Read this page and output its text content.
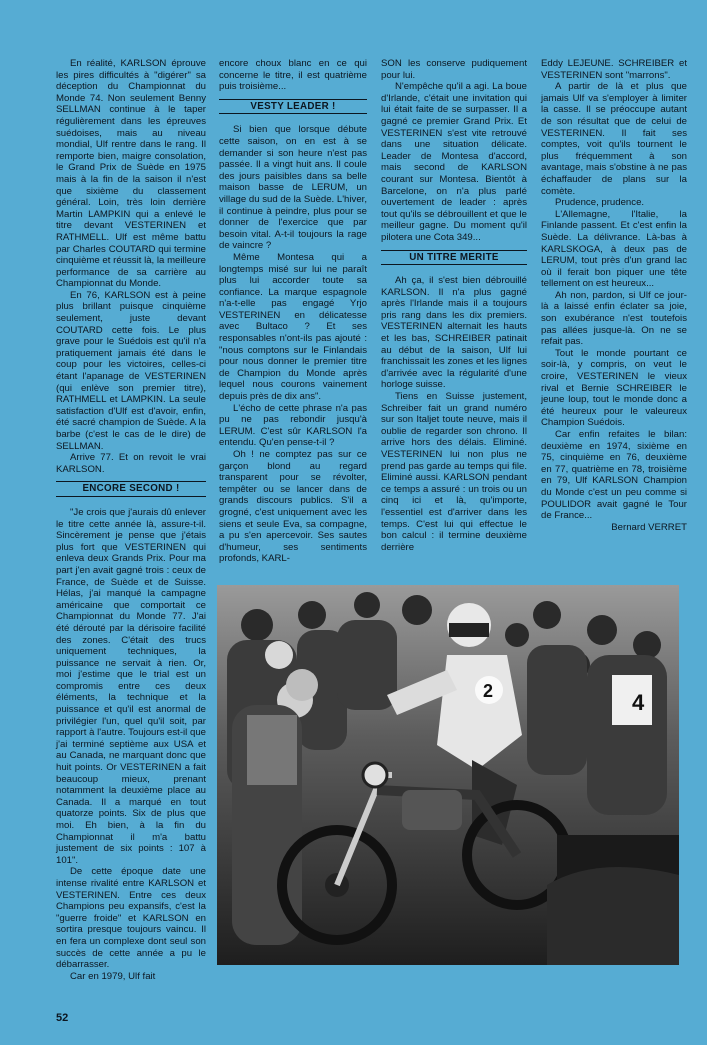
En réalité, KARLSON éprouve les pires difficultés à "digérer" sa déception du Championnat du Monde 74. Non seulement Benny SELLMAN continue à le taper régulièrement dans les épreuves suédoises, mais au niveau mondial, Ulf rentre dans le rang. Il remporte bien, maigre consolation, le Grand Prix de Suède en 1975 mais à la fin de la saison il n'est que sixième du classement général. Loin, très loin derrière Martin LAMPKIN qui a enlevé le titre devant VESTERINEN et RATHMELL. Ulf est même battu par Charles COUTARD qui termine cinquième et réussit là, la meilleure performance de sa carrière au Championnat du Monde.

En 76, KARLSON est à peine plus brillant puisque cinquième seulement, juste devant COUTARD cette fois. Le plus grave pour le Suédois est qu'il n'a pratiquement jamais été dans le coup pour les victoires, celles-ci étant l'apanage de VESTERINEN (qui enlève son premier titre), RATHMELL et LAMPKIN. La seule satisfaction d'Ulf est d'avoir, enfin, été sacré champion de Suède. A la barbe (c'est le cas de le dire) de SELLMAN.

Arrive 77. Et on revoit le vrai KARLSON.

ENCORE SECOND !

"Je crois que j'aurais dû enlever le titre cette année là, assure-t-il. Sincèrement je pense que j'étais plus fort que VESTERINEN qui enleva deux Grands Prix. Pour ma part j'en avait gagné trois : ceux de France, de Suède et de Suisse. Hélas, j'ai manqué la campagne américaine que comportait ce Championnat du Monde 77. J'ai été dérouté par la dérisoire facilité des zones. C'était des trucs uniquement techniques, la puissance ne servait à rien. Or, moi j'estime que le trial est un compromis entre ces deux éléments, la technique et la puissance et qu'il est anormal de privilégier l'un, quel qu'il soit, par rapport à l'autre. Toujours est-il que j'ai terminé septième aux USA et au Canada, ne marquant donc que huit points. Or VESTERINEN a fait beaucoup mieux, prenant notamment la deuxième place au Canada. Il a marqué en tout quatorze points. Six de plus que moi. Eh bien, à la fin du Championnat il m'a battu justement de six points : 107 à 101".

De cette époque date une intense rivalité entre KARLSON et VESTERINEN. Entre ces deux Champions peu expansifs, c'est la "guerre froide" et KARLSON en sortira presque toujours vaincu. Il en fera un complexe dont seul son succès de cette année a pu le débarrasser.

Car en 1979, Ulf fait

encore choux blanc en ce qui concerne le titre, il est quatrième puis troisième...

VESTY LEADER !

Si bien que lorsque débute cette saison, on en est à se demander si son heure n'est pas passée. Il a vingt huit ans. Il coule des jours paisibles dans sa belle maison basse de LERUM, un village du sud de la Suède. L'hiver, il continue à peindre, plus pour se donner de l'exercice que par besoin vital. A-t-il toujours la rage de vaincre ?

Même Montesa qui a longtemps misé sur lui ne paraît plus lui accorder toute sa confiance. La marque espagnole n'a-t-elle pas engagé Yrjo VESTERINEN en délicatesse avec Bultaco ? Et ses responsables n'ont-ils pas ajouté : "nous comptons sur le Finlandais pour nous donner le premier titre de Champion du Monde après lequel nous courons vainement depuis près de dix ans".

L'écho de cette phrase n'a pas pu ne pas rebondir jusqu'à LERUM. C'est sûr KARLSON l'a entendu. Qu'en pense-t-il ?

Oh ! ne comptez pas sur ce garçon blond au regard transparent pour se révolter, tempêter ou se lancer dans de grands discours publics. S'il a grogné, c'est uniquement avec les siens et seule Eva, sa compagne, a pu s'en apercevoir. Ses sautes d'humeur, ses sentiments profonds, KARL-

SON les conserve pudiquement pour lui.

N'empêche qu'il a agi. La boue d'Irlande, c'était une invitation qui lui était faite de se surpasser. Il a gagné ce premier Grand Prix. Et VESTERINEN s'est vite retrouvé dans une situation délicate. Leader de Montesa d'accord, mais second de KARLSON courant sur Montesa. Bientôt à Barcelone, on n'a plus parlé ouvertement de leader : après tout qu'ils se débrouillent et que le meilleur gagne. Du moment qu'il pilotera une Cota 349...

UN TITRE MERITE

Ah ça, il s'est bien débrouillé KARLSON. Il n'a plus gagné après l'Irlande mais il a toujours pris rang dans les dix premiers. VESTERINEN alternait les hauts et les bas, SCHREIBER patinait au début de la saison, Ulf lui franchissait les zones et les lignes d'arrivée avec la régularité d'une horloge suisse.

Tiens en Suisse justement, Schreiber fait un grand numéro sur son Italjet toute neuve, mais il oublie de regarder son chrono. Il arrive hors des délais. Eliminé. VESTERINEN lui non plus ne prend pas garde au temps qui file. Eliminé aussi. KARLSON pendant ce temps a assuré : un trois ou un cinq ici et là, qu'importe, l'essentiel est d'arriver dans les temps. C'est lui qui effectue le bon calcul : il termine deuxième derrière

Eddy LEJEUNE. SCHREIBER et VESTERINEN sont "marrons".

A partir de là et plus que jamais Ulf va s'employer à limiter la casse. Il se préoccupe autant de son résultat que de celui de VESTERINEN. Il fait ses comptes, voit qu'ils tournent le plus fréquemment à son avantage, mais s'obstine à ne pas échaffauder de plans sur la comète.

Prudence, prudence.

L'Allemagne, l'Italie, la Finlande passent. Et c'est enfin la Suède. La délivrance. Là-bas à KARLSKOGA, à deux pas de LERUM, tout près d'un grand lac où il ferait bon piquer une tête tellement on est heureux...

Ah non, pardon, si Ulf ce jour-là a laissé enfin éclater sa joie, son exubérance n'est toutefois pas allées jusque-là. On ne se refait pas.

Tout le monde pourtant ce soir-là, y compris, on veut le croire, VESTERINEN le vieux rival et Bernie SCHREIBER le jeune loup, tout le monde donc a été heureux pour le valeureux Champion Suédois.

Car enfin refaites le bilan: deuxième en 1974, sixième en 75, cinquième en 76, deuxième en 77, quatrième en 78, troisième en 79, Ulf KARLSON Champion du Monde c'est un peu comme si POULIDOR avait gagné le Tour de France...

Bernard VERRET

2	4
52
